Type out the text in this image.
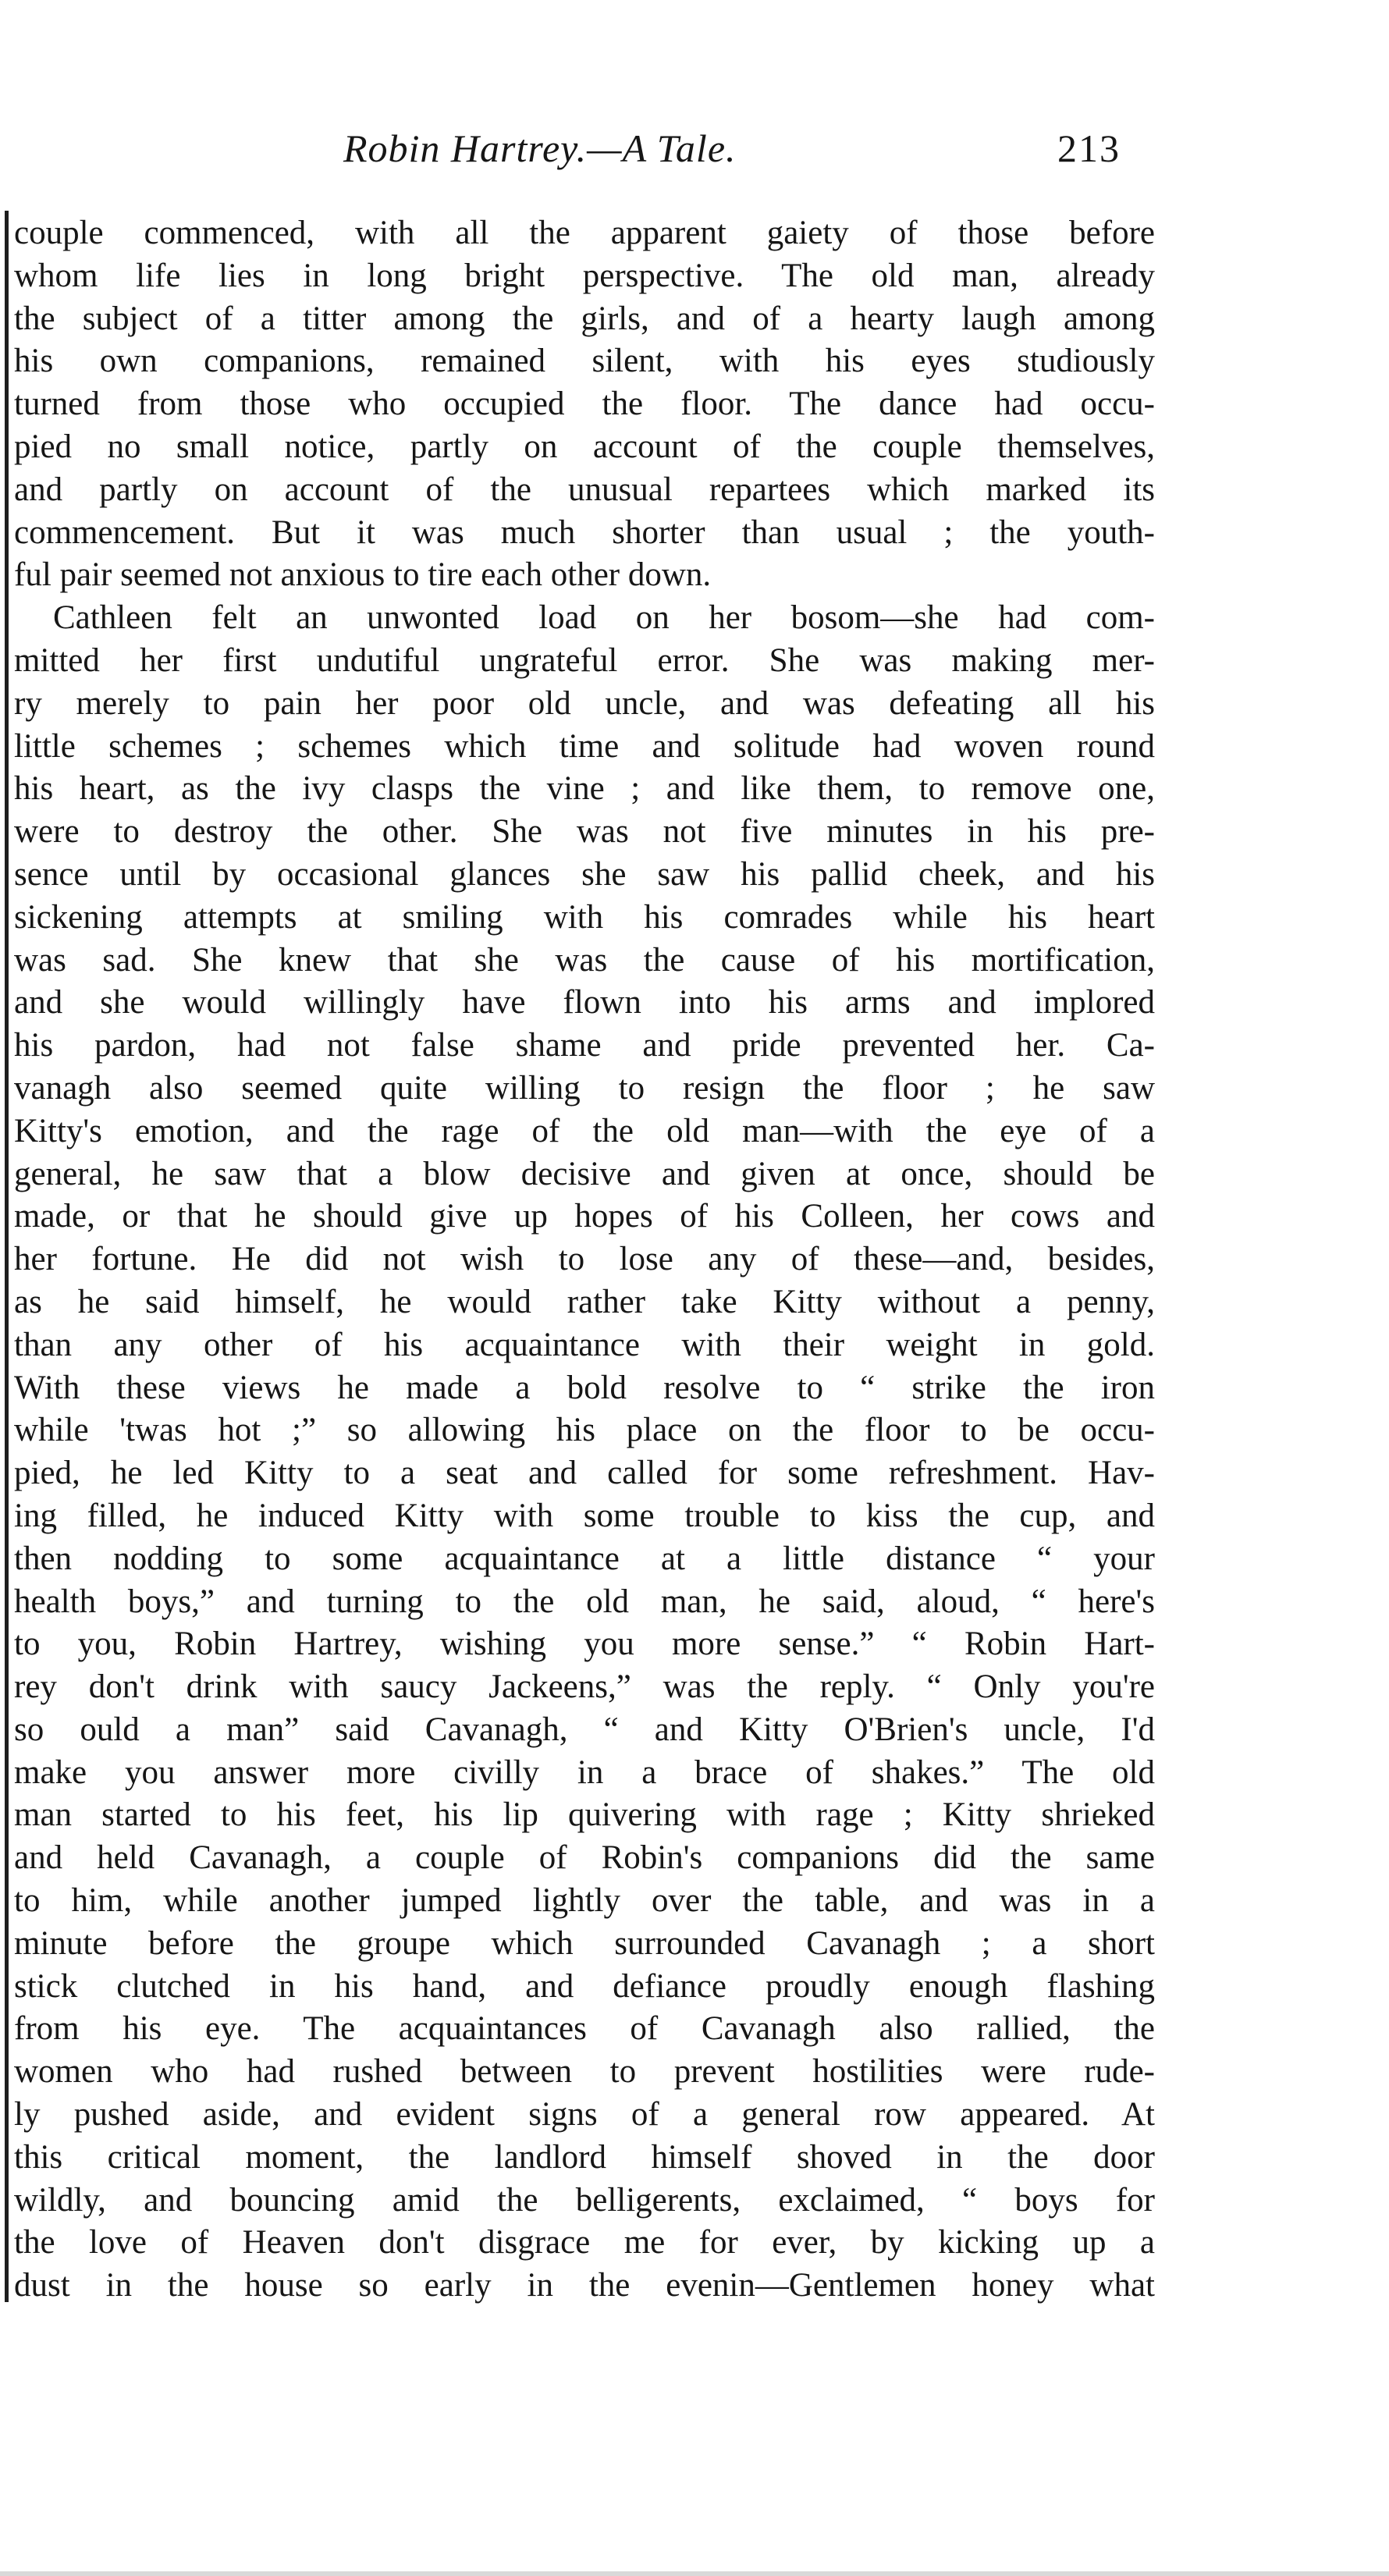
Robin Hartrey.—A Tale.	213
couple commenced, with all the apparent gaiety of those before
whom life lies in long bright perspective. The old man, already
the subject of a titter among the girls, and of a hearty laugh among
his own companions, remained silent, with his eyes studiously
turned from those who occupied the floor. The dance had occu-
pied no small notice, partly on account of the couple themselves,
and partly on account of the unusual repartees which marked its
commencement. But it was much shorter than usual ; the youth-
ful pair seemed not anxious to tire each other down.
Cathleen felt an unwonted load on her bosom—she had com-
mitted her first undutiful ungrateful error. She was making mer-
ry merely to pain her poor old uncle, and was defeating all his
little schemes ; schemes which time and solitude had woven round
his heart, as the ivy clasps the vine ; and like them, to remove one,
were to destroy the other. She was not five minutes in his pre-
sence until by occasional glances she saw his pallid cheek, and his
sickening attempts at smiling with his comrades while his heart
was sad. She knew that she was the cause of his mortification,
and she would willingly have flown into his arms and implored
his pardon, had not false shame and pride prevented her. Ca-
vanagh also seemed quite willing to resign the floor ; he saw
Kitty's emotion, and the rage of the old man—with the eye of a
general, he saw that a blow decisive and given at once, should be
made, or that he should give up hopes of his Colleen, her cows and
her fortune. He did not wish to lose any of these—and, besides,
as he said himself, he would rather take Kitty without a penny,
than any other of his acquaintance with their weight in gold.
With these views he made a bold resolve to “ strike the iron
while 'twas hot ;” so allowing his place on the floor to be occu-
pied, he led Kitty to a seat and called for some refreshment. Hav-
ing filled, he induced Kitty with some trouble to kiss the cup, and
then nodding to some acquaintance at a little distance “ your
health boys,” and turning to the old man, he said, aloud, “ here's
to you, Robin Hartrey, wishing you more sense.” “ Robin Hart-
rey don't drink with saucy Jackeens,” was the reply. “ Only you're
so ould a man” said Cavanagh, “ and Kitty O'Brien's uncle, I'd
make you answer more civilly in a brace of shakes.” The old
man started to his feet, his lip quivering with rage ; Kitty shrieked
and held Cavanagh, a couple of Robin's companions did the same
to him, while another jumped lightly over the table, and was in a
minute before the groupe which surrounded Cavanagh ; a short
stick clutched in his hand, and defiance proudly enough flashing
from his eye. The acquaintances of Cavanagh also rallied, the
women who had rushed between to prevent hostilities were rude-
ly pushed aside, and evident signs of a general row appeared. At
this critical moment, the landlord himself shoved in the door
wildly, and bouncing amid the belligerents, exclaimed, “ boys for
the love of Heaven don't disgrace me for ever, by kicking up a
dust in the house so early in the evenin—Gentlemen honey what
